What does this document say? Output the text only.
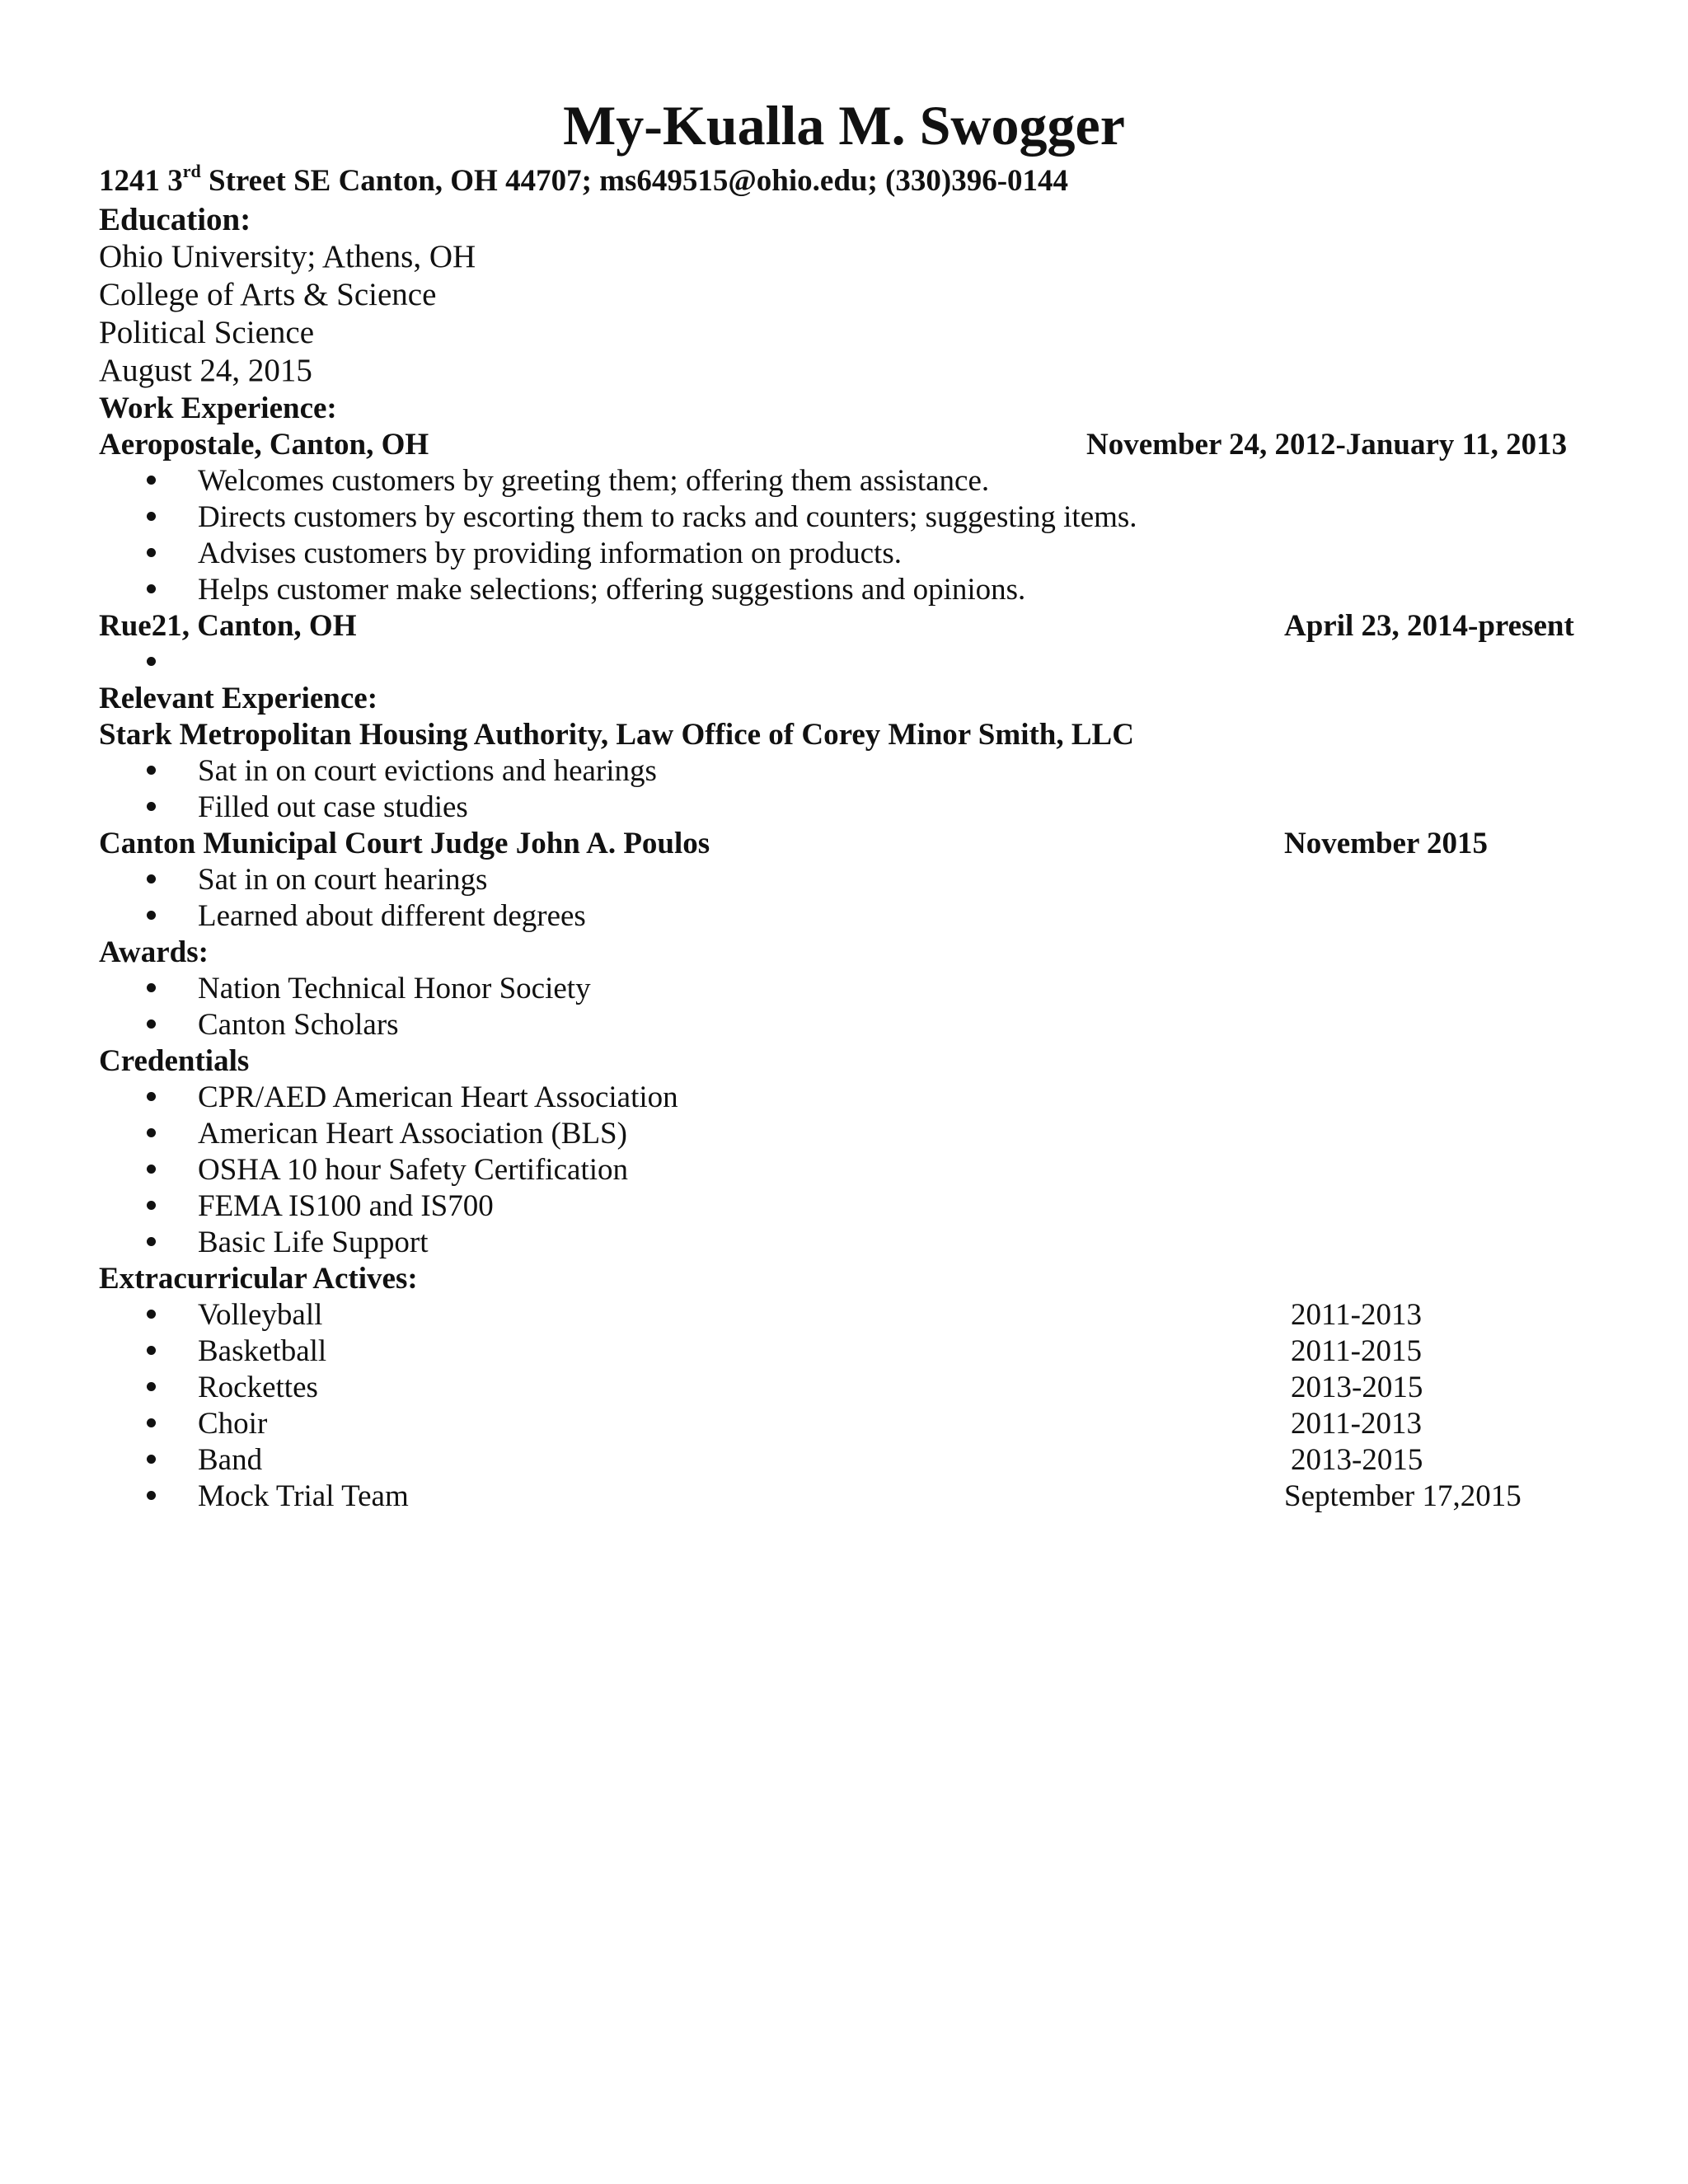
My-Kualla M. Swogger
1241 3rd Street SE Canton, OH 44707; ms649515@ohio.edu; (330)396-0144
Education:
Ohio University; Athens, OH
College of Arts & Science
Political Science
August 24, 2015
Work Experience:
Aeropostale, Canton, OH	November 24, 2012-January 11, 2013
Welcomes customers by greeting them; offering them assistance.
Directs customers by escorting them to racks and counters; suggesting items.
Advises customers by providing information on products.
Helps customer make selections; offering suggestions and opinions.
Rue21, Canton, OH	April 23, 2014-present
Relevant Experience:
Stark Metropolitan Housing Authority, Law Office of Corey Minor Smith, LLC
Sat in on court evictions and hearings
Filled out case studies
Canton Municipal Court Judge John A. Poulos	November 2015
Sat in on court hearings
Learned about different degrees
Awards:
Nation Technical Honor Society
Canton Scholars
Credentials
CPR/AED American Heart Association
American Heart Association (BLS)
OSHA 10 hour Safety Certification
FEMA IS100 and IS700
Basic Life Support
Extracurricular Actives:
Volleyball	2011-2013
Basketball	2011-2015
Rockettes	2013-2015
Choir	2011-2013
Band	2013-2015
Mock Trial Team	September 17,2015
